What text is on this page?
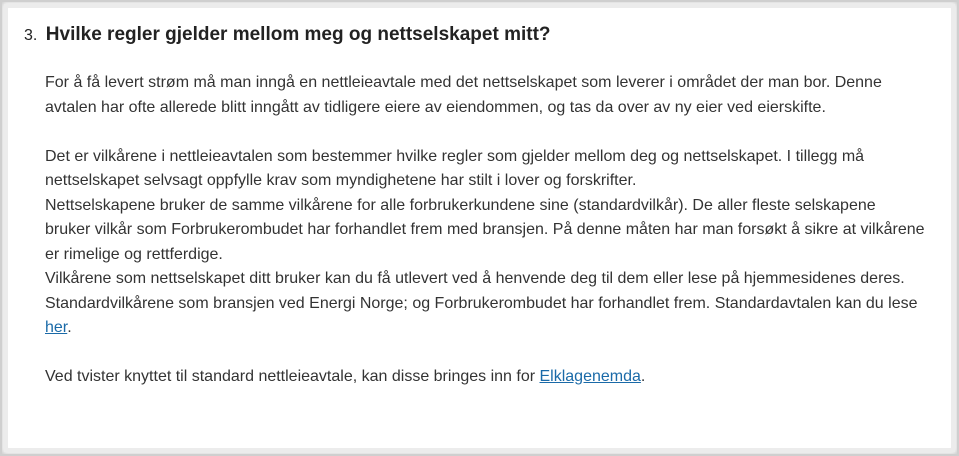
3. Hvilke regler gjelder mellom meg og nettselskapet mitt?

For å få levert strøm må man inngå en nettleieavtale med det nettselskapet som leverer i området der man bor. Denne avtalen har ofte allerede blitt inngått av tidligere eiere av eiendommen, og tas da over av ny eier ved eierskifte.

Det er vilkårene i nettleieavtalen som bestemmer hvilke regler som gjelder mellom deg og nettselskapet. I tillegg må nettselskapet selvsagt oppfylle krav som myndighetene har stilt i lover og forskrifter.

Nettselskapene bruker de samme vilkårene for alle forbrukerkundene sine (standardvilkår). De aller fleste selskapene bruker vilkår som Forbrukerombudet har forhandlet frem med bransjen. På denne måten har man forsøkt å sikre at vilkårene er rimelige og rettferdige.

Vilkårene som nettselskapet ditt bruker kan du få utlevert ved å henvende deg til dem eller lese på hjemmesidenes deres. Standardvilkårene som bransjen ved Energi Norge; og Forbrukerombudet har forhandlet frem. Standardavtalen kan du lese her.

Ved tvister knyttet til standard nettleieavtale, kan disse bringes inn for Elklagenemda.
